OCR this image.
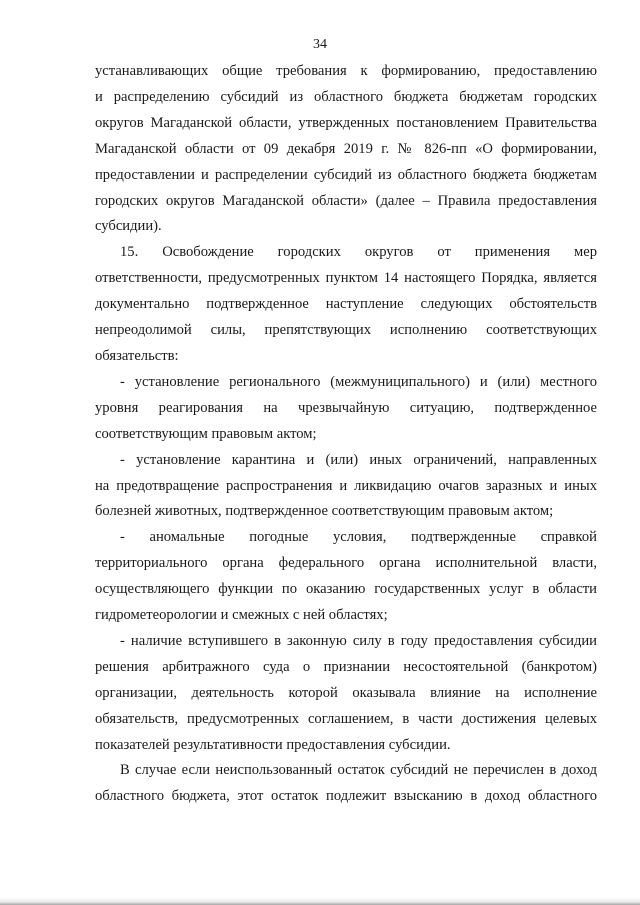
34

устанавливающих общие требования к формированию, предоставлению
и распределению субсидий из областного бюджета бюджетам городских
округов Магаданской области, утвержденных постановлением Правительства
Магаданской области от 09 декабря 2019 г. № 826-пп «О формировании,
предоставлении и распределении субсидий из областного бюджета бюджетам
городских округов Магаданской области» (далее – Правила предоставления
субсидии).

15. Освобождение городских округов от применения мер
ответственности, предусмотренных пунктом 14 настоящего Порядка, является
документально подтвержденное наступление следующих обстоятельств
непреодолимой силы, препятствующих исполнению соответствующих
обязательств:

- установление регионального (межмуниципального) и (или) местного
уровня реагирования на чрезвычайную ситуацию, подтвержденное
соответствующим правовым актом;

- установление карантина и (или) иных ограничений, направленных
на предотвращение распространения и ликвидацию очагов заразных и иных
болезней животных, подтвержденное соответствующим правовым актом;

- аномальные погодные условия, подтвержденные справкой
территориального органа федерального органа исполнительной власти,
осуществляющего функции по оказанию государственных услуг в области
гидрометеорологии и смежных с ней областях;

- наличие вступившего в законную силу в году предоставления субсидии
решения арбитражного суда о признании несостоятельной (банкротом)
организации, деятельность которой оказывала влияние на исполнение
обязательств, предусмотренных соглашением, в части достижения целевых
показателей результативности предоставления субсидии.

В случае если неиспользованный остаток субсидий не перечислен в доход
областного бюджета, этот остаток подлежит взысканию в доход областного
